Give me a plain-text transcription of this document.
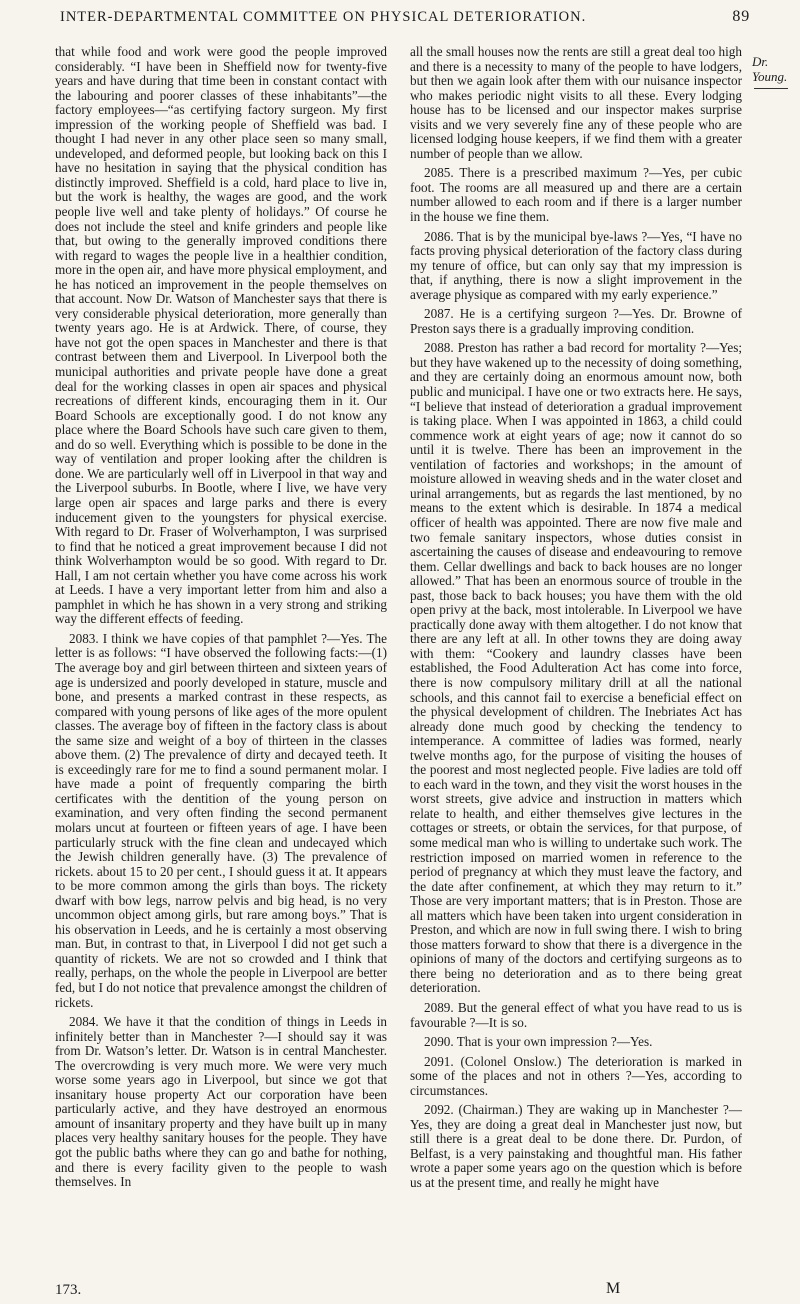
INTER-DEPARTMENTAL COMMITTEE ON PHYSICAL DETERIORATION.	89
Dr. Young.

that while food and work were good the people improved considerably. “I have been in Sheffield now for twenty-five years and have during that time been in constant contact with the labouring and poorer classes of these inhabitants”—the factory employees—“as certifying factory surgeon. My first impression of the working people of Sheffield was bad. I thought I had never in any other place seen so many small, undeveloped, and deformed people, but looking back on this I have no hesitation in saying that the physical condition has distinctly improved. Sheffield is a cold, hard place to live in, but the work is healthy, the wages are good, and the work people live well and take plenty of holidays.” Of course he does not include the steel and knife grinders and people like that, but owing to the generally improved conditions there with regard to wages the people live in a healthier condition, more in the open air, and have more physical employment, and he has noticed an improvement in the people themselves on that account. Now Dr. Watson of Manchester says that there is very considerable physical deterioration, more generally than twenty years ago. He is at Ardwick. There, of course, they have not got the open spaces in Manchester and there is that contrast between them and Liverpool. In Liverpool both the municipal authorities and private people have done a great deal for the working classes in open air spaces and physical recreations of different kinds, encouraging them in it. Our Board Schools are exceptionally good. I do not know any place where the Board Schools have such care given to them, and do so well. Everything which is possible to be done in the way of ventilation and proper looking after the children is done. We are particularly well off in Liverpool in that way and the Liverpool suburbs. In Bootle, where I live, we have very large open air spaces and large parks and there is every inducement given to the youngsters for physical exercise. With regard to Dr. Fraser of Wolverhampton, I was surprised to find that he noticed a great improvement because I did not think Wolverhampton would be so good. With regard to Dr. Hall, I am not certain whether you have come across his work at Leeds. I have a very important letter from him and also a pamphlet in which he has shown in a very strong and striking way the different effects of feeding.

2083. I think we have copies of that pamphlet ?—Yes. The letter is as follows: “I have observed the following facts:—(1) The average boy and girl between thirteen and sixteen years of age is undersized and poorly developed in stature, muscle and bone, and presents a marked contrast in these respects, as compared with young persons of like ages of the more opulent classes. The average boy of fifteen in the factory class is about the same size and weight of a boy of thirteen in the classes above them. (2) The prevalence of dirty and decayed teeth. It is exceedingly rare for me to find a sound permanent molar. I have made a point of frequently comparing the birth certificates with the dentition of the young person on examination, and very often finding the second permanent molars uncut at fourteen or fifteen years of age. I have been particularly struck with the fine clean and undecayed which the Jewish children generally have. (3) The prevalence of rickets. about 15 to 20 per cent., I should guess it at. It appears to be more common among the girls than boys. The rickety dwarf with bow legs, narrow pelvis and big head, is no very uncommon object among girls, but rare among boys.” That is his observation in Leeds, and he is certainly a most observing man. But, in contrast to that, in Liverpool I did not get such a quantity of rickets. We are not so crowded and I think that really, perhaps, on the whole the people in Liverpool are better fed, but I do not notice that prevalence amongst the children of rickets.

2084. We have it that the condition of things in Leeds in infinitely better than in Manchester ?—I should say it was from Dr. Watson’s letter. Dr. Watson is in central Manchester. The overcrowding is very much more. We were very much worse some years ago in Liverpool, but since we got that insanitary house property Act our corporation have been particularly active, and they have destroyed an enormous amount of insanitary property and they have built up in many places very healthy sanitary houses for the people. They have got the public baths where they can go and bathe for nothing, and there is every facility given to the people to wash themselves. In

all the small houses now the rents are still a great deal too high and there is a necessity to many of the people to have lodgers, but then we again look after them with our nuisance inspector who makes periodic night visits to all these. Every lodging house has to be licensed and our inspector makes surprise visits and we very severely fine any of these people who are licensed lodging house keepers, if we find them with a greater number of people than we allow.

2085. There is a prescribed maximum ?—Yes, per cubic foot. The rooms are all measured up and there are a certain number allowed to each room and if there is a larger number in the house we fine them.

2086. That is by the municipal bye-laws ?—Yes, “I have no facts proving physical deterioration of the factory class during my tenure of office, but can only say that my impression is that, if anything, there is now a slight improvement in the average physique as compared with my early experience.”

2087. He is a certifying surgeon ?—Yes. Dr. Browne of Preston says there is a gradually improving condition.

2088. Preston has rather a bad record for mortality ?—Yes; but they have wakened up to the necessity of doing something, and they are certainly doing an enormous amount now, both public and municipal. I have one or two extracts here. He says, “I believe that instead of deterioration a gradual improvement is taking place. When I was appointed in 1863, a child could commence work at eight years of age; now it cannot do so until it is twelve. There has been an improvement in the ventilation of factories and workshops; in the amount of moisture allowed in weaving sheds and in the water closet and urinal arrangements, but as regards the last mentioned, by no means to the extent which is desirable. In 1874 a medical officer of health was appointed. There are now five male and two female sanitary inspectors, whose duties consist in ascertaining the causes of disease and endeavouring to remove them. Cellar dwellings and back to back houses are no longer allowed.” That has been an enormous source of trouble in the past, those back to back houses; you have them with the old open privy at the back, most intolerable. In Liverpool we have practically done away with them altogether. I do not know that there are any left at all. In other towns they are doing away with them: “Cookery and laundry classes have been established, the Food Adulteration Act has come into force, there is now compulsory military drill at all the national schools, and this cannot fail to exercise a beneficial effect on the physical development of children. The Inebriates Act has already done much good by checking the tendency to intemperance. A committee of ladies was formed, nearly twelve months ago, for the purpose of visiting the houses of the poorest and most neglected people. Five ladies are told off to each ward in the town, and they visit the worst houses in the worst streets, give advice and instruction in matters which relate to health, and either themselves give lectures in the cottages or streets, or obtain the services, for that purpose, of some medical man who is willing to undertake such work. The restriction imposed on married women in reference to the period of pregnancy at which they must leave the factory, and the date after confinement, at which they may return to it.” Those are very important matters; that is in Preston. Those are all matters which have been taken into urgent consideration in Preston, and which are now in full swing there. I wish to bring those matters forward to show that there is a divergence in the opinions of many of the doctors and certifying surgeons as to there being no deterioration and as to there being great deterioration.

2089. But the general effect of what you have read to us is favourable ?—It is so.

2090. That is your own impression ?—Yes.

2091. (Colonel Onslow.) The deterioration is marked in some of the places and not in others ?—Yes, according to circumstances.

2092. (Chairman.) They are waking up in Manchester ?—Yes, they are doing a great deal in Manchester just now, but still there is a great deal to be done there. Dr. Purdon, of Belfast, is a very painstaking and thoughtful man. His father wrote a paper some years ago on the question which is before us at the present time, and really he might have

173.	M
